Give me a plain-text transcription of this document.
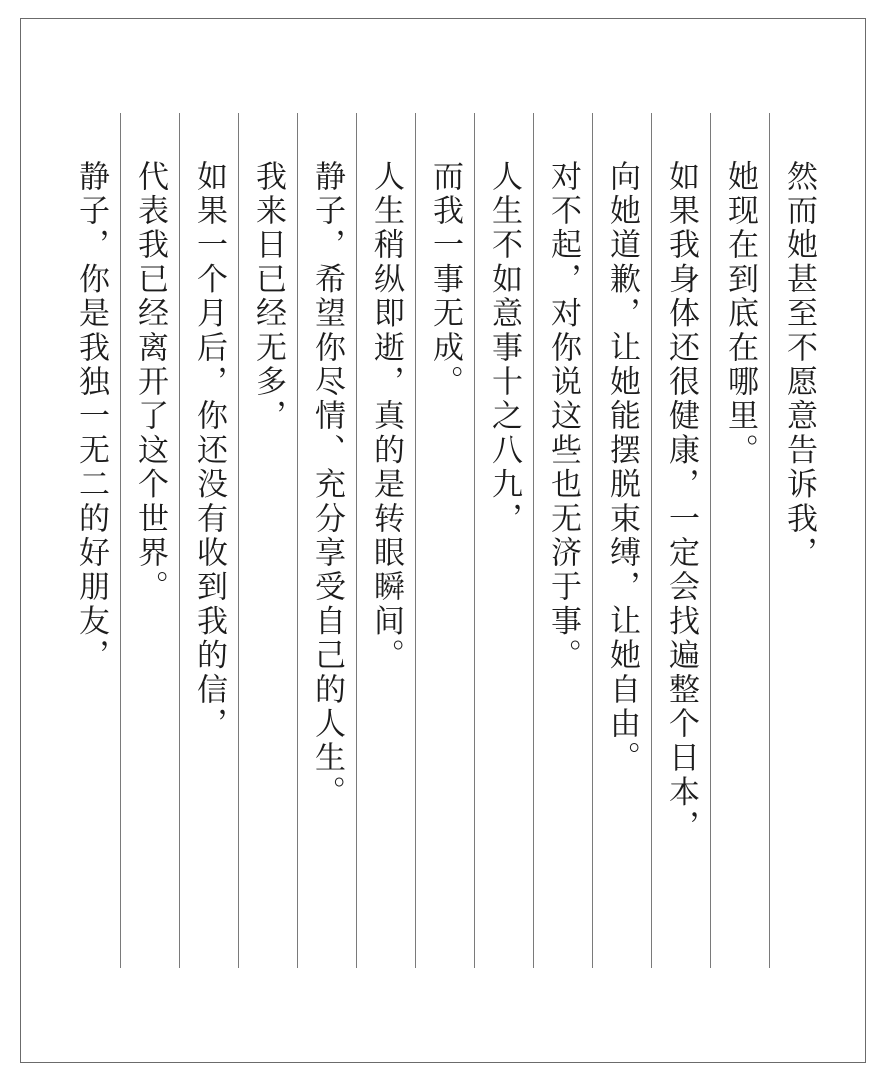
然而她甚至不愿意告诉我，
她现在到底在哪里。
如果我身体还很健康，一定会找遍整个日本，
向她道歉，让她能摆脱束缚，让她自由。
对不起，对你说这些也无济于事。
人生不如意事十之八九，
而我一事无成。
人生稍纵即逝，真的是转眼瞬间。
静子，希望你尽情、充分享受自己的人生。
我来日已经无多，
如果一个月后，你还没有收到我的信，
代表我已经离开了这个世界。
静子，你是我独一无二的好朋友，
